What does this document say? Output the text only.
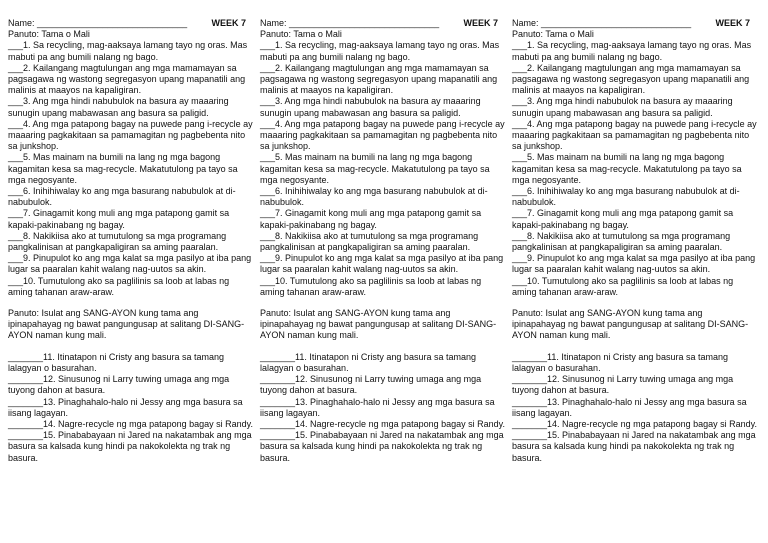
Name: ______________________________	WEEK 7
Panuto: Tama o Mali
___1. Sa recycling, mag-aaksaya lamang tayo ng oras. Mas mabuti pa ang bumili nalang ng bago.
___2. Kailangang magtulungan ang mga mamamayan sa pagsagawa ng wastong segregasyon upang mapanatili ang malinis at maayos na kapaligiran.
___3. Ang mga hindi nabubulok na basura ay maaaring sunugin upang mabawasan ang basura sa paligid.
___4. Ang mga patapong bagay na puwede pang i-recycle ay maaaring pagkakitaan sa pamamagitan ng pagbebenta nito sa junkshop.
___5. Mas mainam na bumili na lang ng mga bagong kagamitan kesa sa mag-recycle. Makatutulong pa tayo sa mga negosyante.
___6. Inihihiwalay ko ang mga basurang nabubulok at di-nabubulok.
___7. Ginagamit kong muli ang mga patapong gamit sa kapaki-pakinabang ng bagay.
___8. Nakikiisa ako at tumutulong sa mga programang pangkalinisan at pangkapaligiran sa aming paaralan.
___9. Pinupulot ko ang mga kalat sa mga pasilyo at iba pang lugar sa paaralan kahit walang nag-uutos sa akin.
___10. Tumutulong ako sa paglilinis sa loob at labas ng aming tahanan araw-araw.
Panuto: Isulat ang SANG-AYON kung tama ang ipinapahayag ng bawat pangungusap at salitang DI-SANG-AYON naman kung mali.
_______11. Itinatapon ni Cristy ang basura sa tamang lalagyan o basurahan.
_______12. Sinusunog ni Larry tuwing umaga ang mga tuyong dahon at basura.
_______13. Pinaghahalo-halo ni Jessy ang mga basura sa iisang lagayan.
_______14. Nagre-recycle ng mga patapong bagay si Randy.
_______15. Pinababayaan ni Jared na nakatambak ang mga basura sa kalsada kung hindi pa nakokolekta ng trak ng basura.
Name: ______________________________	WEEK 7
Panuto: Tama o Mali
___1. Sa recycling, mag-aaksaya lamang tayo ng oras. Mas mabuti pa ang bumili nalang ng bago.
___2. Kailangang magtulungan ang mga mamamayan sa pagsagawa ng wastong segregasyon upang mapanatili ang malinis at maayos na kapaligiran.
___3. Ang mga hindi nabubulok na basura ay maaaring sunugin upang mabawasan ang basura sa paligid.
___4. Ang mga patapong bagay na puwede pang i-recycle ay maaaring pagkakitaan sa pamamagitan ng pagbebenta nito sa junkshop.
___5. Mas mainam na bumili na lang ng mga bagong kagamitan kesa sa mag-recycle. Makatutulong pa tayo sa mga negosyante.
___6. Inihihiwalay ko ang mga basurang nabubulok at di-nabubulok.
___7. Ginagamit kong muli ang mga patapong gamit sa kapaki-pakinabang ng bagay.
___8. Nakikiisa ako at tumutulong sa mga programang pangkalinisan at pangkapaligiran sa aming paaralan.
___9. Pinupulot ko ang mga kalat sa mga pasilyo at iba pang lugar sa paaralan kahit walang nag-uutos sa akin.
___10. Tumutulong ako sa paglilinis sa loob at labas ng aming tahanan araw-araw.
Panuto: Isulat ang SANG-AYON kung tama ang ipinapahayag ng bawat pangungusap at salitang DI-SANG-AYON naman kung mali.
_______11. Itinatapon ni Cristy ang basura sa tamang lalagyan o basurahan.
_______12. Sinusunog ni Larry tuwing umaga ang mga tuyong dahon at basura.
_______13. Pinaghahalo-halo ni Jessy ang mga basura sa iisang lagayan.
_______14. Nagre-recycle ng mga patapong bagay si Randy.
_______15. Pinababayaan ni Jared na nakatambak ang mga basura sa kalsada kung hindi pa nakokolekta ng trak ng basura.
Name: ______________________________	WEEK 7
Panuto: Tama o Mali
___1. Sa recycling, mag-aaksaya lamang tayo ng oras. Mas mabuti pa ang bumili nalang ng bago.
___2. Kailangang magtulungan ang mga mamamayan sa pagsagawa ng wastong segregasyon upang mapanatili ang malinis at maayos na kapaligiran.
___3. Ang mga hindi nabubulok na basura ay maaaring sunugin upang mabawasan ang basura sa paligid.
___4. Ang mga patapong bagay na puwede pang i-recycle ay maaaring pagkakitaan sa pamamagitan ng pagbebenta nito sa junkshop.
___5. Mas mainam na bumili na lang ng mga bagong kagamitan kesa sa mag-recycle. Makatutulong pa tayo sa mga negosyante.
___6. Inihihiwalay ko ang mga basurang nabubulok at di-nabubulok.
___7. Ginagamit kong muli ang mga patapong gamit sa kapaki-pakinabang ng bagay.
___8. Nakikiisa ako at tumutulong sa mga programang pangkalinisan at pangkapaligiran sa aming paaralan.
___9. Pinupulot ko ang mga kalat sa mga pasilyo at iba pang lugar sa paaralan kahit walang nag-uutos sa akin.
___10. Tumutulong ako sa paglilinis sa loob at labas ng aming tahanan araw-araw.
Panuto: Isulat ang SANG-AYON kung tama ang ipinapahayag ng bawat pangungusap at salitang DI-SANG-AYON naman kung mali.
_______11. Itinatapon ni Cristy ang basura sa tamang lalagyan o basurahan.
_______12. Sinusunog ni Larry tuwing umaga ang mga tuyong dahon at basura.
_______13. Pinaghahalo-halo ni Jessy ang mga basura sa iisang lagayan.
_______14. Nagre-recycle ng mga patapong bagay si Randy.
_______15. Pinababayaan ni Jared na nakatambak ang mga basura sa kalsada kung hindi pa nakokolekta ng trak ng basura.
